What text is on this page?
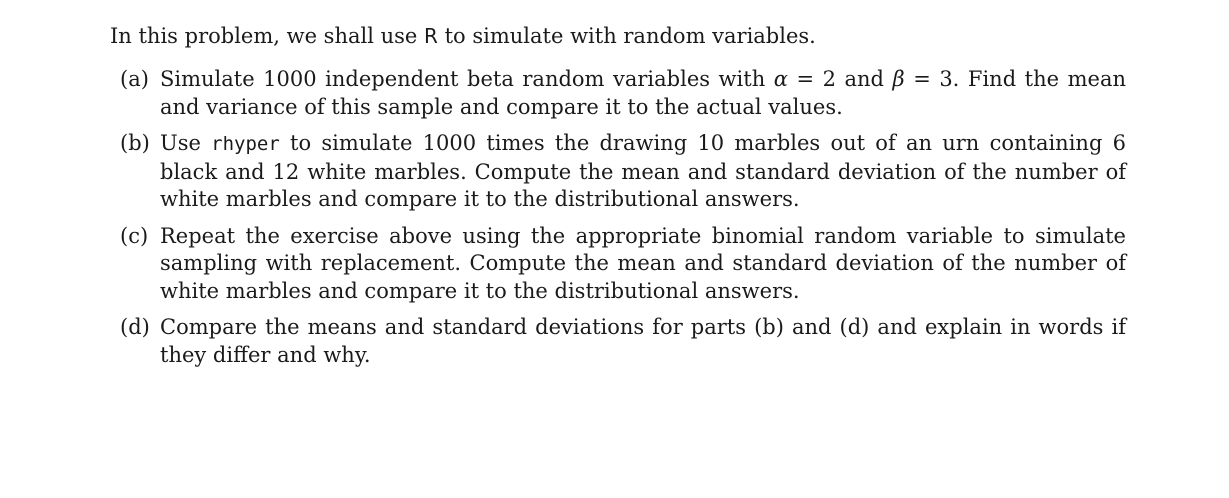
In this problem, we shall use R to simulate with random variables.

(a) Simulate 1000 independent beta random variables with α = 2 and β = 3. Find the mean and variance of this sample and compare it to the actual values.
(b) Use rhyper to simulate 1000 times the drawing 10 marbles out of an urn containing 6 black and 12 white marbles. Compute the mean and standard deviation of the number of white marbles and compare it to the distributional answers.
(c) Repeat the exercise above using the appropriate binomial random variable to simulate sampling with replacement. Compute the mean and standard deviation of the number of white marbles and compare it to the distributional answers.
(d) Compare the means and standard deviations for parts (b) and (d) and explain in words if they differ and why.
